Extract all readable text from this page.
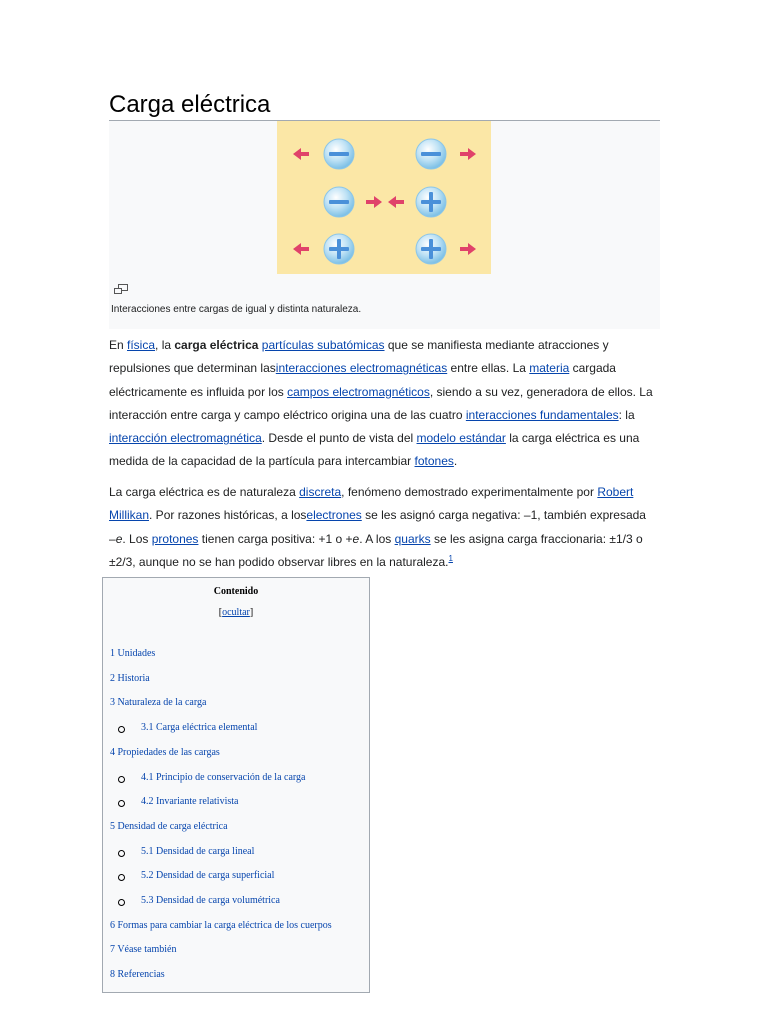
Carga eléctrica
Interacciones entre cargas de igual y distinta naturaleza.

En física, la carga eléctrica partículas subatómicas que se manifiesta mediante atracciones y repulsiones que determinan lasinteracciones electromagnéticas entre ellas. La materia cargada eléctricamente es influida por los campos electromagnéticos, siendo a su vez, generadora de ellos. La interacción entre carga y campo eléctrico origina una de las cuatro interacciones fundamentales: la interacción electromagnética. Desde el punto de vista del modelo estándar la carga eléctrica es una medida de la capacidad de la partícula para intercambiar fotones.

La carga eléctrica es de naturaleza discreta, fenómeno demostrado experimentalmente por Robert Millikan. Por razones históricas, a loselectrones se les asignó carga negativa: –1, también expresada –e. Los protones tienen carga positiva: +1 o +e. A los quarks se les asigna carga fraccionaria: ±1/3 o ±2/3, aunque no se han podido observar libres en la naturaleza.$^1$

Contenido
[ocultar]
1 Unidades
2 Historia
3 Naturaleza de la carga
3.1 Carga eléctrica elemental
4 Propiedades de las cargas
4.1 Principio de conservación de la carga
4.2 Invariante relativista
5 Densidad de carga eléctrica
5.1 Densidad de carga lineal
5.2 Densidad de carga superficial
5.3 Densidad de carga volumétrica
6 Formas para cambiar la carga eléctrica de los cuerpos
7 Véase también
8 Referencias
